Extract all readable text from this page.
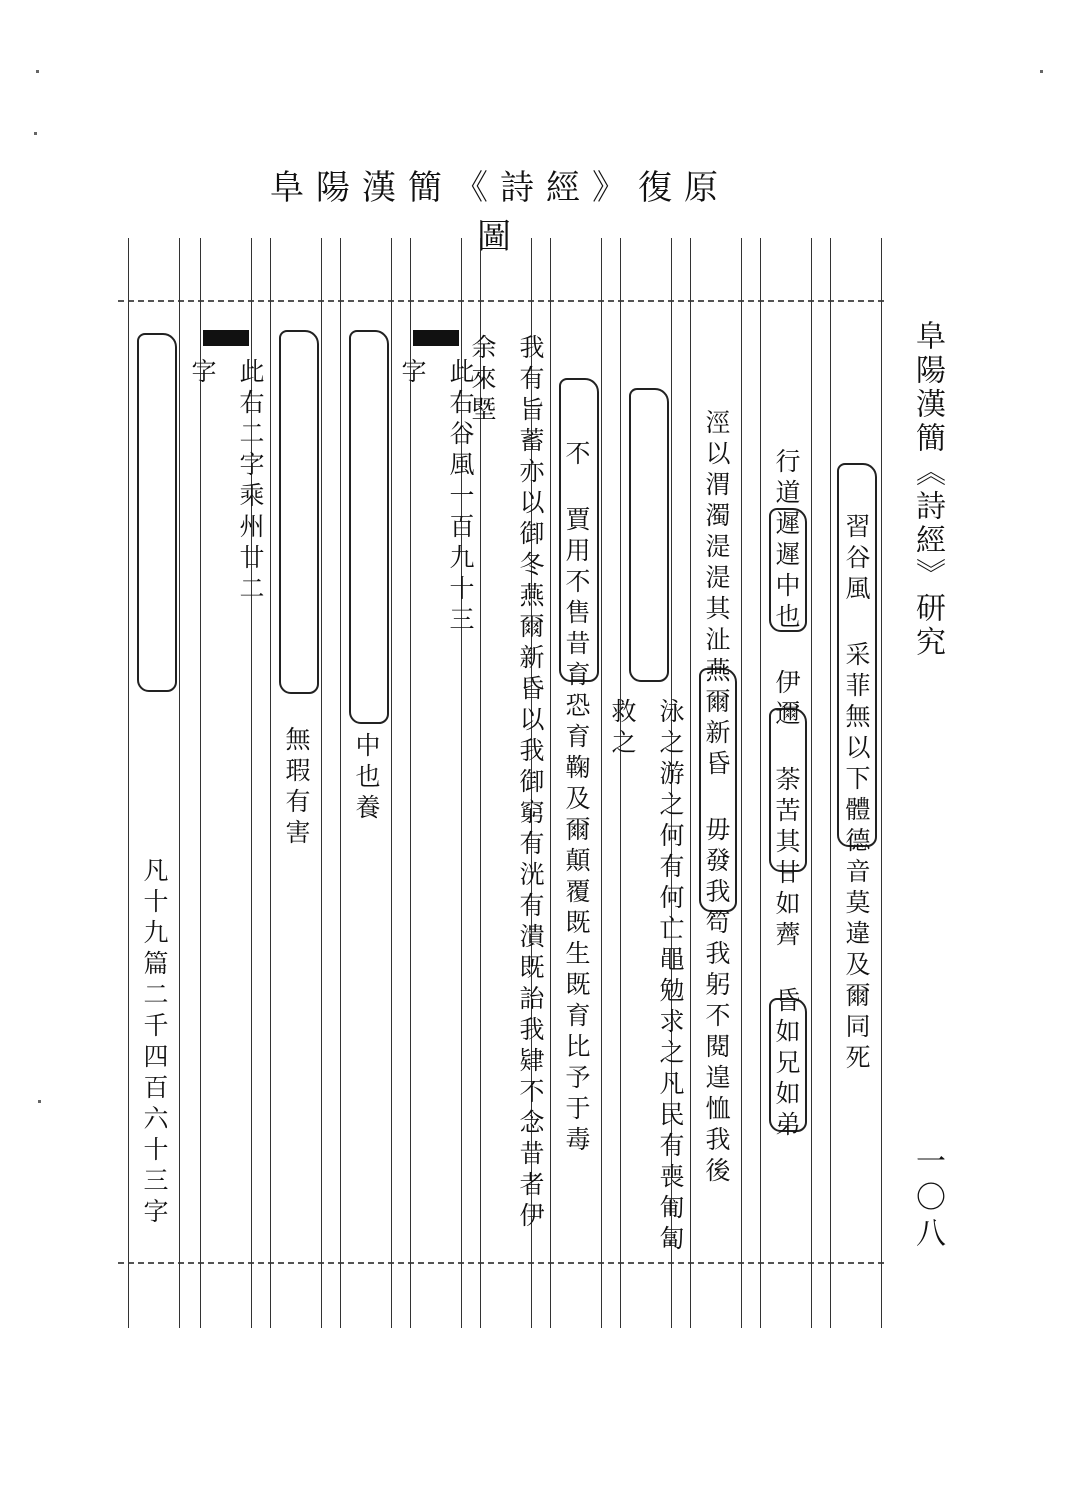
阜陽漢簡《詩經》復原圖
阜陽漢簡《詩經》研究
一〇八
習谷風 采菲無以下體德音莫違及爾同死
行道遲遲中也 伊邇 荼苦其甘如薺 昏如兄如弟
涇以渭濁湜湜其沚燕爾新昏 毋發我笱我躬不閱遑恤我後
泳之游之何有何亡黽勉求之凡民有喪匍匐救之
不 賈用不售昔育恐育鞠及爾顛覆既生既育比予于毒
我有旨蓄亦以御冬燕爾新昏以我御窮有洸有潰既詒我肄不念昔者伊余來塈
此右谷風一百九十三字
中也養
無瑕有害
此右二字乘州廿二字
凡十九篇二千四百六十三字
